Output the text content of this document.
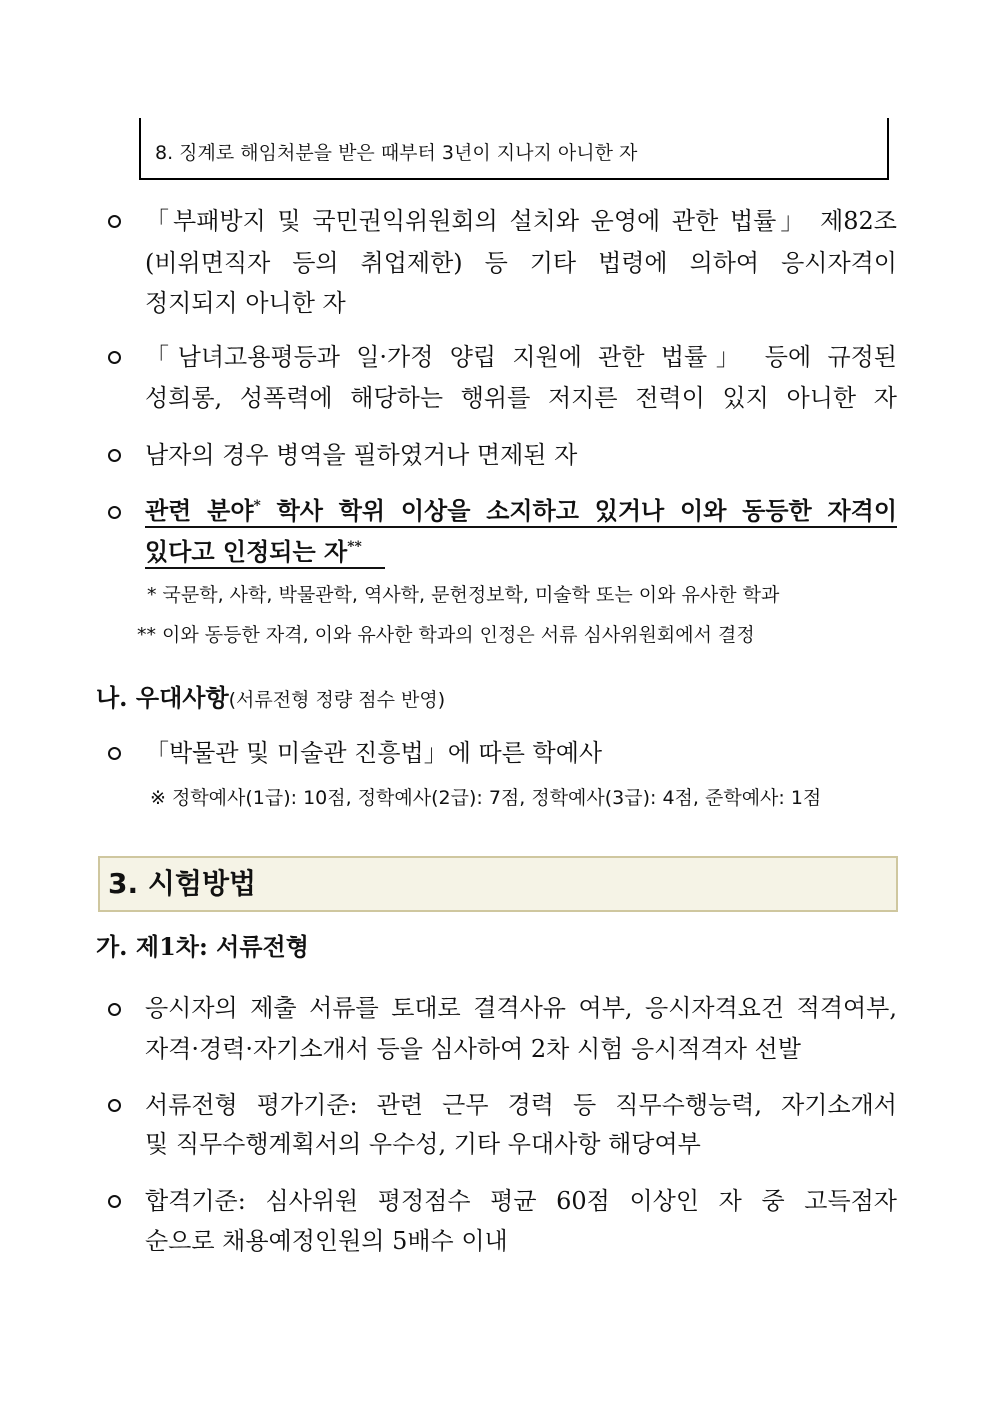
8. 징계로 해임처분을 받은 때부터 3년이 지나지 아니한 자
「부패방지 및 국민권익위원회의 설치와 운영에 관한 법률」 제82조
(비위면직자 등의 취업제한) 등 기타 법령에 의하여 응시자격이
정지되지 아니한 자
「남녀고용평등과 일·가정 양립 지원에 관한 법률」 등에 규정된
성희롱, 성폭력에 해당하는 행위를 저지른 전력이 있지 아니한 자
남자의 경우 병역을 필하였거나 면제된 자
관련 분야* 학사 학위 이상을 소지하고 있거나 이와 동등한 자격이
있다고 인정되는 자**
* 국문학, 사학, 박물관학, 역사학, 문헌정보학, 미술학 또는 이와 유사한 학과
** 이와 동등한 자격, 이와 유사한 학과의 인정은 서류 심사위원회에서 결정
나. 우대사항(서류전형 정량 점수 반영)
「박물관 및 미술관 진흥법」에 따른 학예사
※ 정학예사(1급): 10점, 정학예사(2급): 7점, 정학예사(3급): 4점, 준학예사: 1점
3. 시험방법
가. 제1차: 서류전형
응시자의 제출 서류를 토대로 결격사유 여부, 응시자격요건 적격여부,
자격·경력·자기소개서 등을 심사하여 2차 시험 응시적격자 선발
서류전형 평가기준: 관련 근무 경력 등 직무수행능력, 자기소개서
및 직무수행계획서의 우수성, 기타 우대사항 해당여부
합격기준: 심사위원 평정점수 평균 60점 이상인 자 중 고득점자
순으로 채용예정인원의 5배수 이내
